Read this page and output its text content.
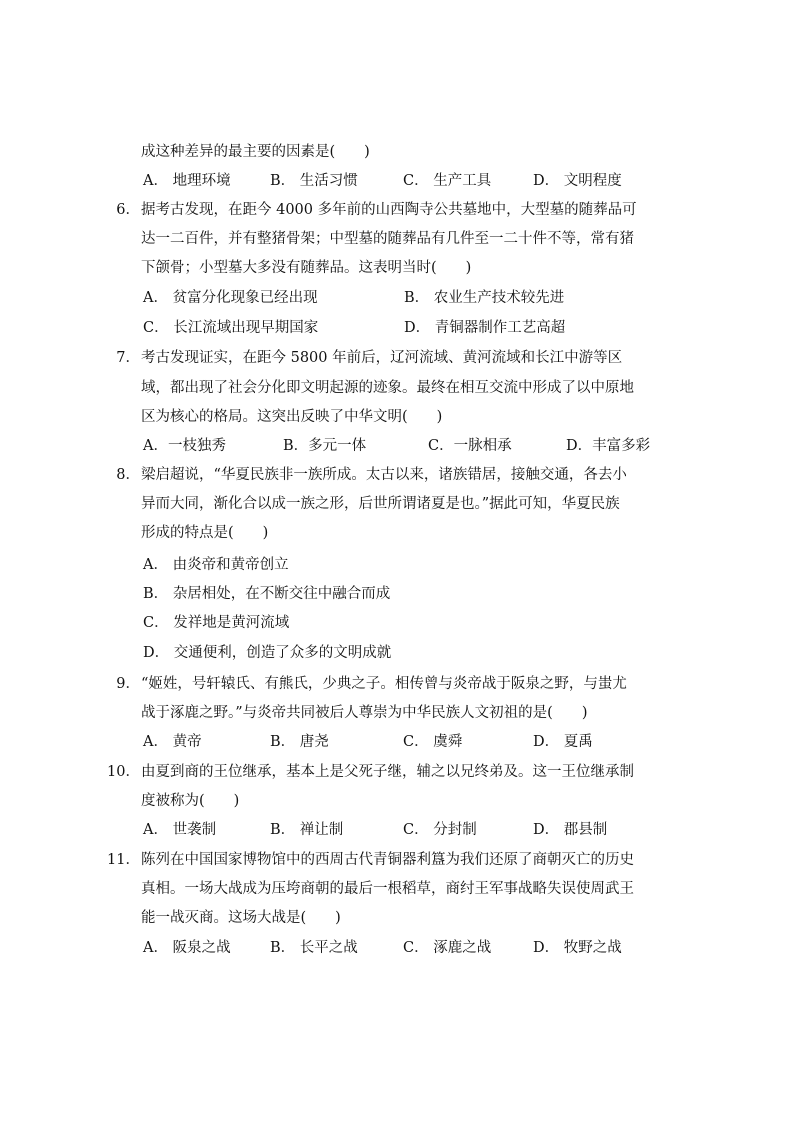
成这种差异的最主要的因素是(　　)
A． 地理环境	B． 生活习惯	C． 生产工具	D． 文明程度
6． 据考古发现，在距今 4000 多年前的山西陶寺公共墓地中，大型墓的随葬品可
达一二百件，并有整猪骨架；中型墓的随葬品有几件至一二十件不等，常有猪
下颌骨；小型墓大多没有随葬品。这表明当时(　　)
A． 贫富分化现象已经出现	B． 农业生产技术较先进
C． 长江流域出现早期国家	D． 青铜器制作工艺高超
7． 考古发现证实，在距今 5800 年前后，辽河流域、黄河流域和长江中游等区
域，都出现了社会分化即文明起源的迹象。最终在相互交流中形成了以中原地
区为核心的格局。这突出反映了中华文明(　　)
A．一枝独秀	B．多元一体	C．一脉相承	D．丰富多彩
8． 梁启超说，“华夏民族非一族所成。太古以来，诸族错居，接触交通，各去小
异而大同，渐化合以成一族之形，后世所谓诸夏是也。”据此可知，华夏民族
形成的特点是(　　)
A． 由炎帝和黄帝创立
B． 杂居相处，在不断交往中融合而成
C． 发祥地是黄河流域
D． 交通便利，创造了众多的文明成就
9． “姬姓，号轩辕氏、有熊氏，少典之子。相传曾与炎帝战于阪泉之野，与蚩尤
战于涿鹿之野。”与炎帝共同被后人尊崇为中华民族人文初祖的是(　　)
A． 黄帝	B． 唐尧	C． 虞舜	D． 夏禹
10． 由夏到商的王位继承，基本上是父死子继，辅之以兄终弟及。这一王位继承制
度被称为(　　)
A． 世袭制	B． 禅让制	C． 分封制	D． 郡县制
11． 陈列在中国国家博物馆中的西周古代青铜器利簋为我们还原了商朝灭亡的历史
真相。一场大战成为压垮商朝的最后一根稻草，商纣王军事战略失误使周武王
能一战灭商。这场大战是(　　)
A． 阪泉之战	B． 长平之战	C． 涿鹿之战	D． 牧野之战
